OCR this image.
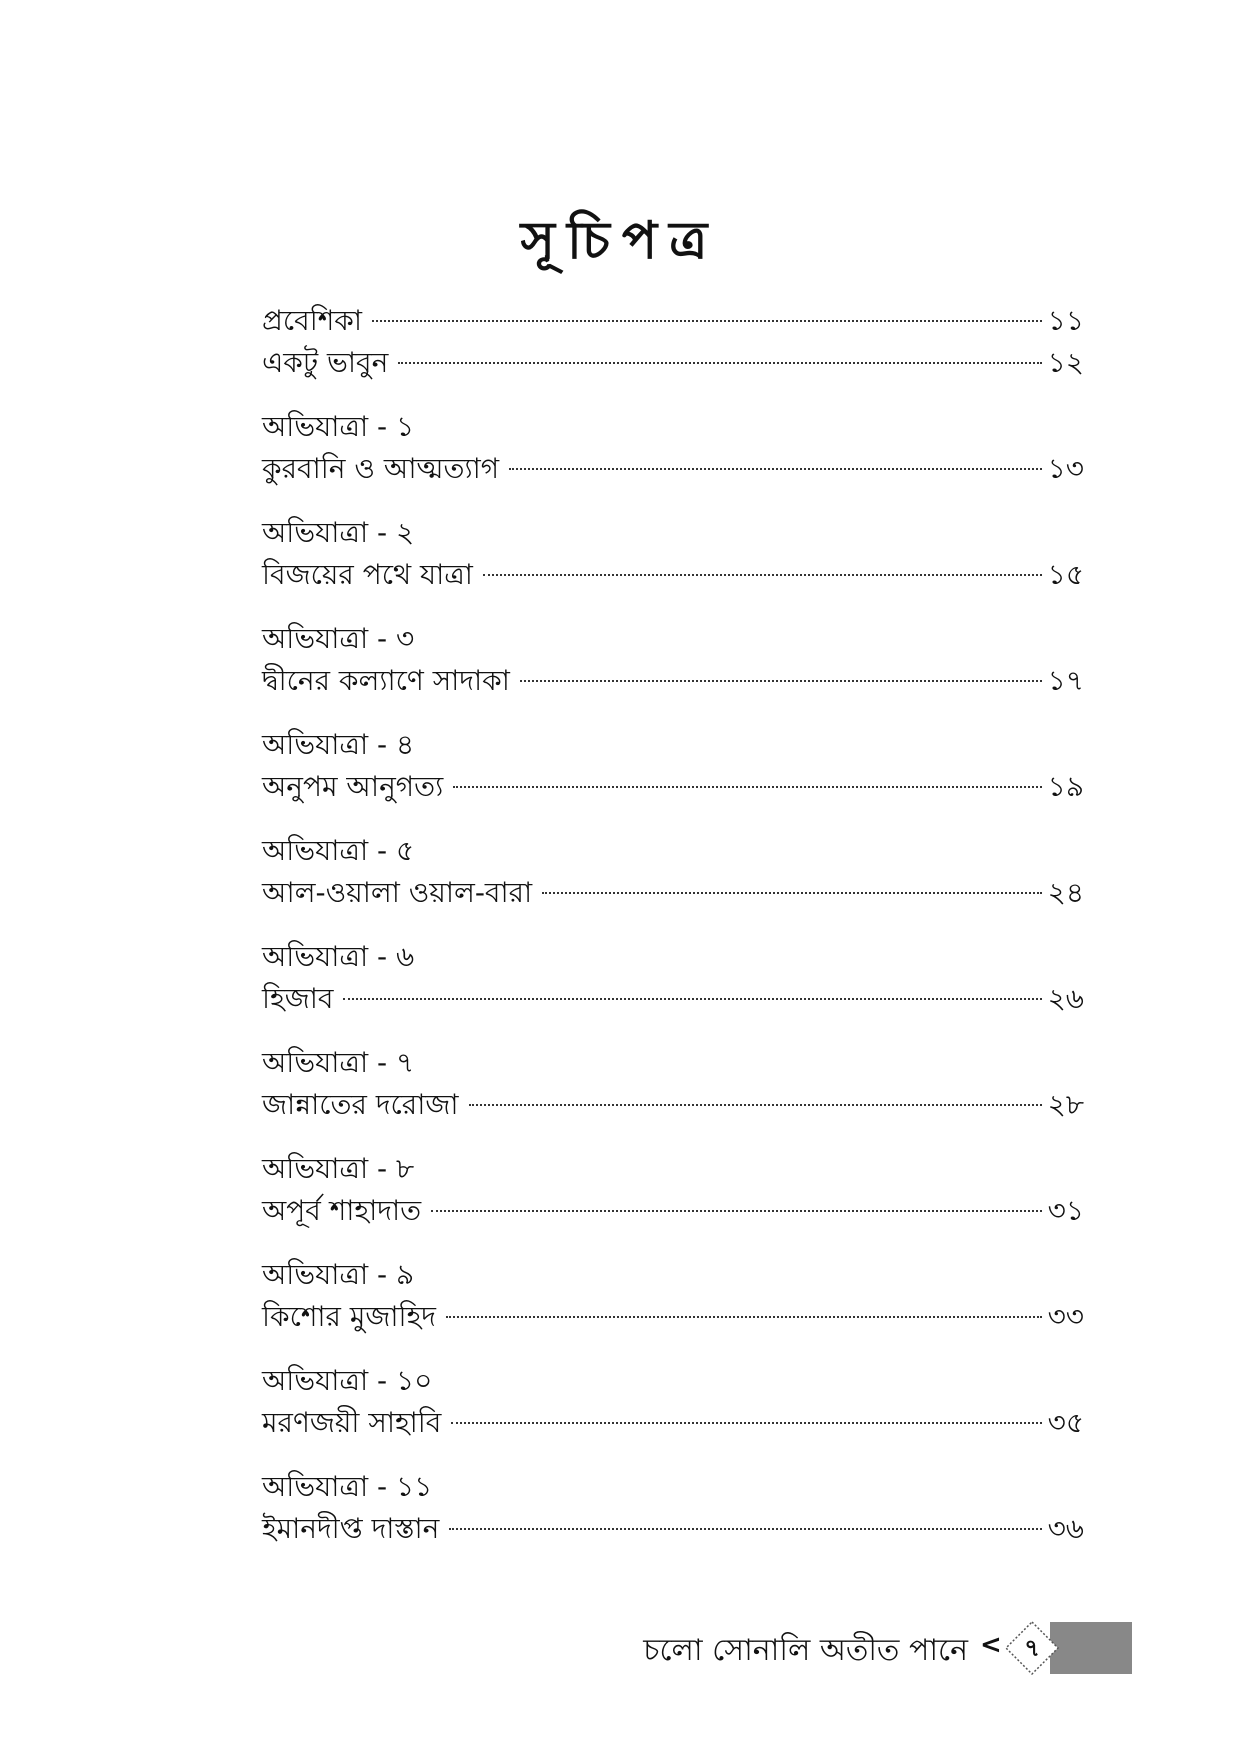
সূচিপত্র
প্রবেশিকা	১১
একটু ভাবুন	১২
অভিযাত্রা - ১
কুরবানি ও আত্মত্যাগ	১৩
অভিযাত্রা - ২
বিজয়ের পথে যাত্রা	১৫
অভিযাত্রা - ৩
দ্বীনের কল্যাণে সাদাকা	১৭
অভিযাত্রা - ৪
অনুপম আনুগত্য	১৯
অভিযাত্রা - ৫
আল-ওয়ালা ওয়াল-বারা	২৪
অভিযাত্রা - ৬
হিজাব	২৬
অভিযাত্রা - ৭
জান্নাতের দরোজা	২৮
অভিযাত্রা - ৮
অপূর্ব শাহাদাত	৩১
অভিযাত্রা - ৯
কিশোর মুজাহিদ	৩৩
অভিযাত্রা - ১০
মরণজয়ী সাহাবি	৩৫
অভিযাত্রা - ১১
ইমানদীপ্ত দাস্তান	৩৬
চলো সোনালি অতীত পানে < ৭
